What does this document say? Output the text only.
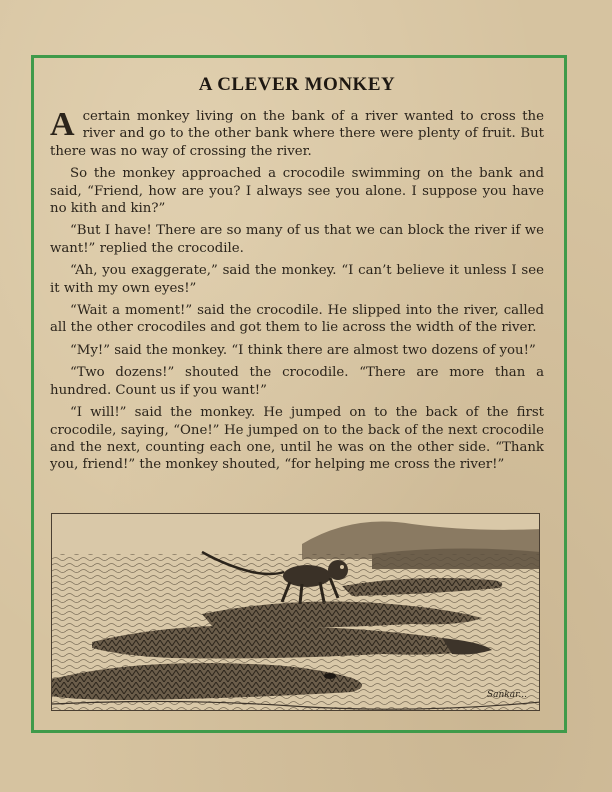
A CLEVER MONKEY

A certain monkey living on the bank of a river wanted to cross the river and go to the other bank where there were plenty of fruit. But there was no way of crossing the river.

So the monkey approached a crocodile swimming on the bank and said, “Friend, how are you? I always see you alone. I suppose you have no kith and kin?”

“But I have! There are so many of us that we can block the river if we want!” replied the crocodile.

“Ah, you exaggerate,” said the monkey. “I can’t believe it unless I see it with my own eyes!”

“Wait a moment!” said the crocodile. He slipped into the river, called all the other crocodiles and got them to lie across the width of the river.

“My!” said the monkey. “I think there are almost two dozens of you!”

“Two dozens!” shouted the crocodile. “There are more than a hundred. Count us if you want!”

“I will!” said the monkey. He jumped on to the back of the first crocodile, saying, “One!” He jumped on to the back of the next crocodile and the next, counting each one, until he was on the other side. “Thank you, friend!” the monkey shouted, “for helping me cross the river!”

Sankar...
